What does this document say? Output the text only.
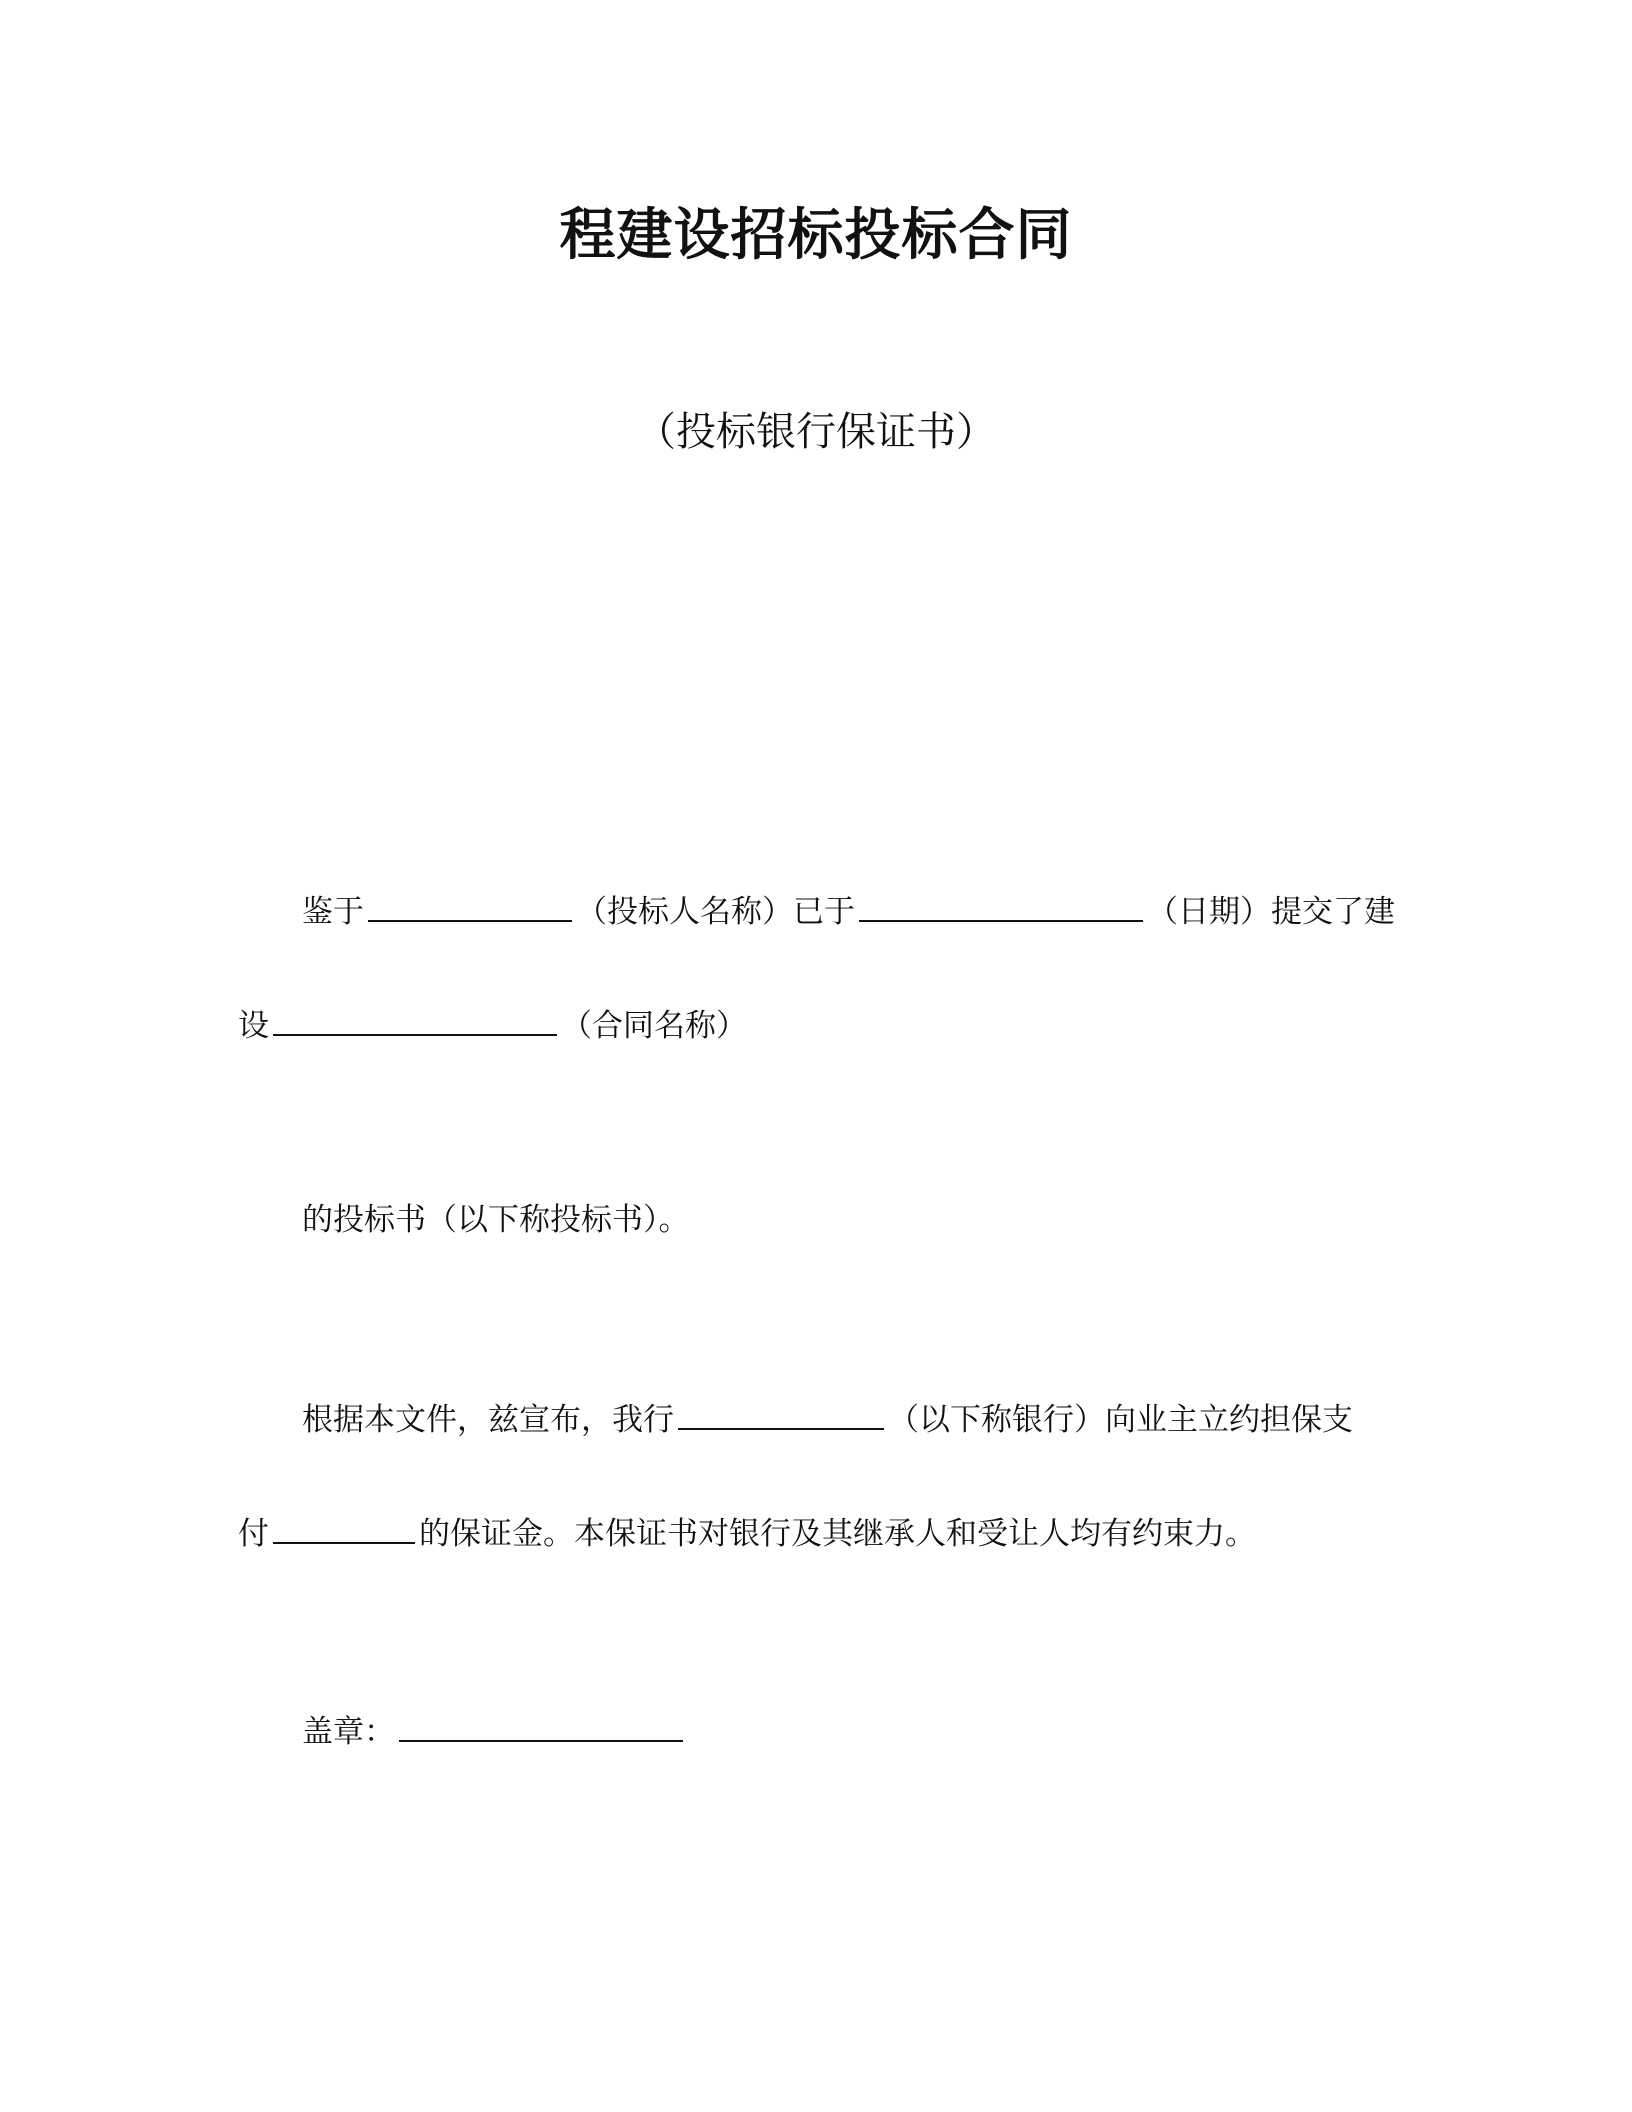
程建设招标投标合同
（投标银行保证书）
鉴于	（投标人名称）已于	（日期）提交了建
设	（合同名称）
的投标书（以下称投标书）。
根据本文件，兹宣布，我行	（以下称银行）向业主立约担保支
付	的保证金。本保证书对银行及其继承人和受让人均有约束力。
盖章：
